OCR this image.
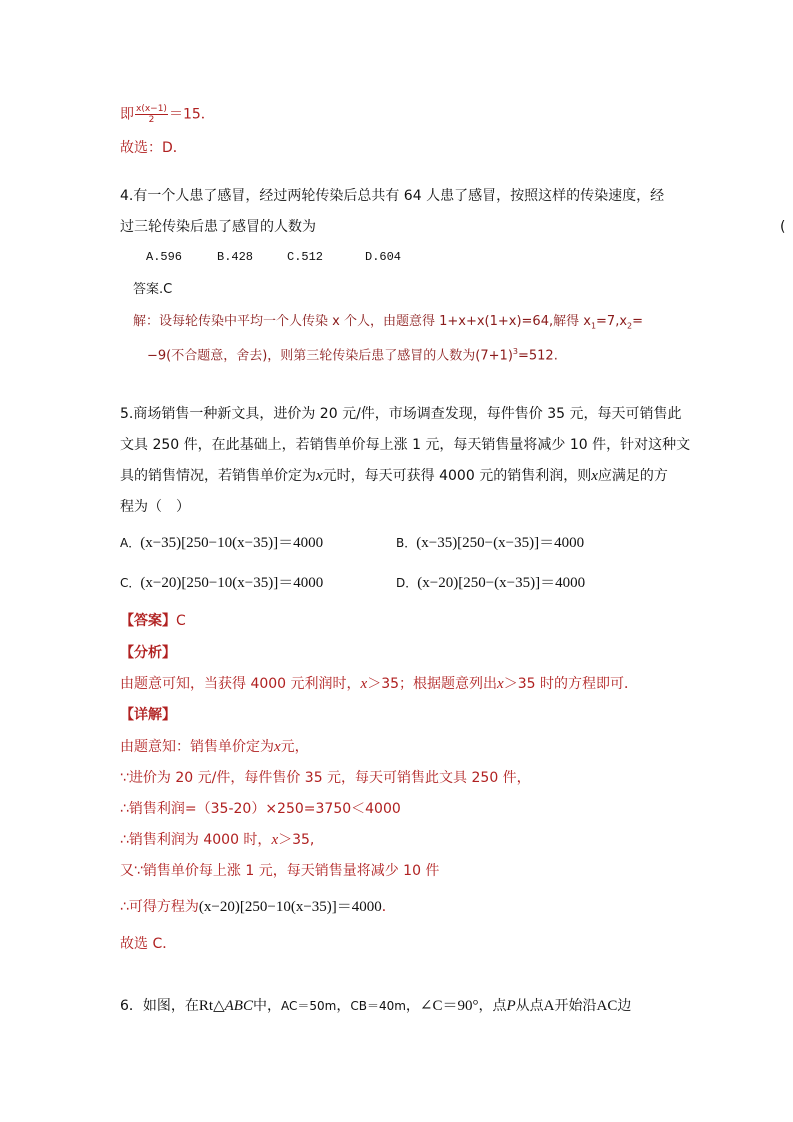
即 $\frac{x(x-1)}{2} =15$．
故选：D．
4.有一个人患了感冒，经过两轮传染后总共有 64 人患了感冒，按照这样的传染速度，经
过三轮传染后患了感冒的人数为	(
A.596	B.428	C.512	D.604
答案.C
解：设每轮传染中平均一个人传染 x 个人，由题意得 1+x+x(1+x)=64,解得 $x_1=7,x_2=$
−9(不合题意，舍去)，则第三轮传染后患了感冒的人数为$(7+1)^3=512$.
5.商场销售一种新文具，进价为 20 元/件，市场调查发现，每件售价 35 元，每天可销售此
文具 250 件，在此基础上，若销售单价每上涨 1 元，每天销售量将减少 10 件，针对这种文
具的销售情况，若销售单价定为x元时，每天可获得 4000 元的销售利润，则x应满足的方
程为（　）
A．(x−35)[250−10(x−35)]＝4000	B．(x−35)[250−(x−35)]＝4000
C．(x−20)[250−10(x−35)]＝4000	D．(x−20)[250−(x−35)]＝4000
【答案】C
【分析】
由题意可知，当获得 4000 元利润时，x＞35；根据题意列出x＞35 时的方程即可．
【详解】
由题意知：销售单价定为x元，
∵进价为 20 元/件，每件售价 35 元，每天可销售此文具 250 件，
∴销售利润=（35-20）×250=3750＜4000
∴销售利润为 4000 时，x＞35,
又∵销售单价每上涨 1 元，每天销售量将减少 10 件
∴可得方程为(x−20)[250−10(x−35)]＝4000．
故选 C．
6．如图，在Rt△ABC中，AC＝50m，CB＝40m，∠C＝90°，点P从点A开始沿AC边
